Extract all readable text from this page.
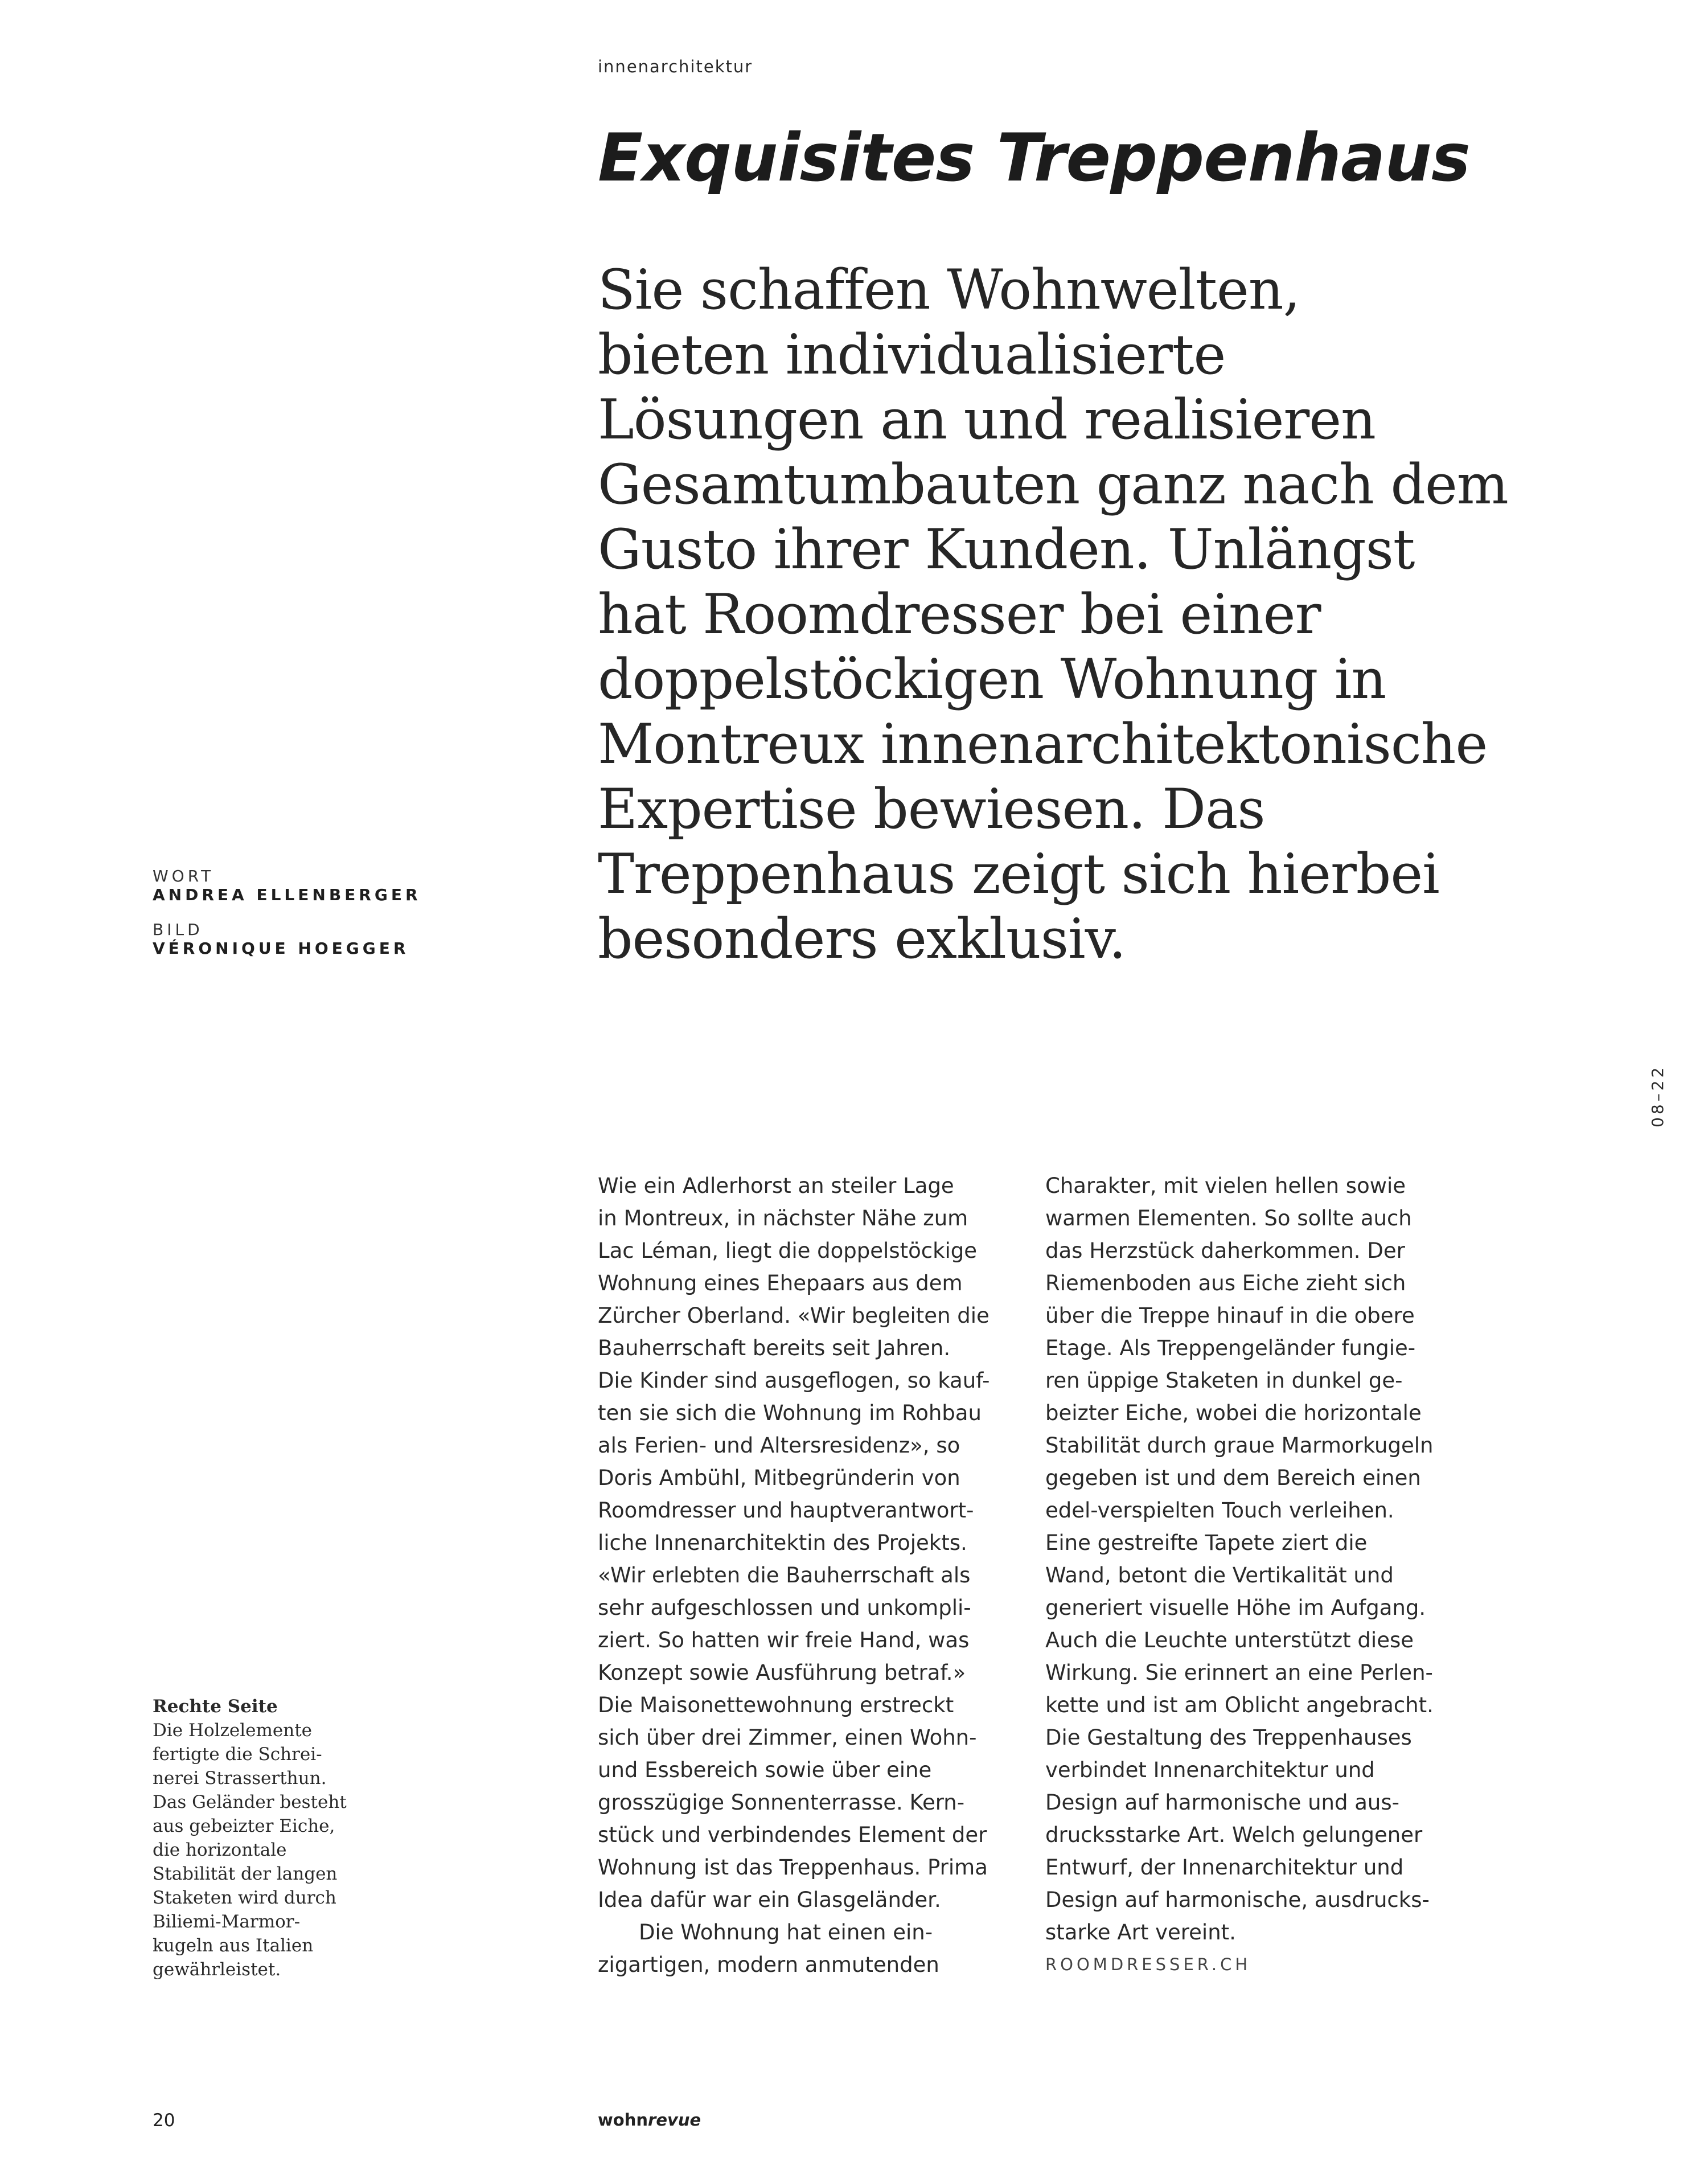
innenarchitektur
Exquisites Treppenhaus
Sie schaffen Wohnwelten,
bieten individualisierte
Lösungen an und realisieren
Gesamtumbauten ganz nach dem
Gusto ihrer Kunden. Unlängst
hat Roomdresser bei einer
doppelstöckigen Wohnung in
Montreux innenarchitektonische
Expertise bewiesen. Das
Treppenhaus zeigt sich hierbei
besonders exklusiv.
WORT
ANDREA ELLENBERGER
BILD
VÉRONIQUE HOEGGER
08–22
Wie ein Adlerhorst an steiler Lage
in Montreux, in nächster Nähe zum
Lac Léman, liegt die doppelstöckige
Wohnung eines Ehepaars aus dem
Zürcher Oberland. «Wir begleiten die
Bauherrschaft bereits seit Jahren.
Die Kinder sind ausgeflogen, so kauf-
ten sie sich die Wohnung im Rohbau
als Ferien- und Altersresidenz», so
Doris Ambühl, Mitbegründerin von
Roomdresser und hauptverantwort-
liche Innenarchitektin des Projekts.
«Wir erlebten die Bauherrschaft als
sehr aufgeschlossen und unkompli-
ziert. So hatten wir freie Hand, was
Konzept sowie Ausführung betraf.»
Die Maisonettewohnung erstreckt
sich über drei Zimmer, einen Wohn-
und Essbereich sowie über eine
grosszügige Sonnenterrasse. Kern-
stück und verbindendes Element der
Wohnung ist das Treppenhaus. Prima
Idea dafür war ein Glasgeländer.
Die Wohnung hat einen ein-
zigartigen, modern anmutenden
Charakter, mit vielen hellen sowie
warmen Elementen. So sollte auch
das Herzstück daherkommen. Der
Riemenboden aus Eiche zieht sich
über die Treppe hinauf in die obere
Etage. Als Treppengeländer fungie-
ren üppige Staketen in dunkel ge-
beizter Eiche, wobei die horizontale
Stabilität durch graue Marmorkugeln
gegeben ist und dem Bereich einen
edel-verspielten Touch verleihen.
Eine gestreifte Tapete ziert die
Wand, betont die Vertikalität und
generiert visuelle Höhe im Aufgang.
Auch die Leuchte unterstützt diese
Wirkung. Sie erinnert an eine Perlen-
kette und ist am Oblicht angebracht.
Die Gestaltung des Treppenhauses
verbindet Innenarchitektur und
Design auf harmonische und aus-
drucksstarke Art. Welch gelungener
Entwurf, der Innenarchitektur und
Design auf harmonische, ausdrucks-
starke Art vereint.
ROOMDRESSER.CH
Rechte Seite
Die Holzelemente
fertigte die Schrei-
nerei Strasserthun.
Das Geländer besteht
aus gebeizter Eiche,
die horizontale
Stabilität der langen
Staketen wird durch
Biliemi-Marmor-
kugeln aus Italien
gewährleistet.
20	wohnrevue
